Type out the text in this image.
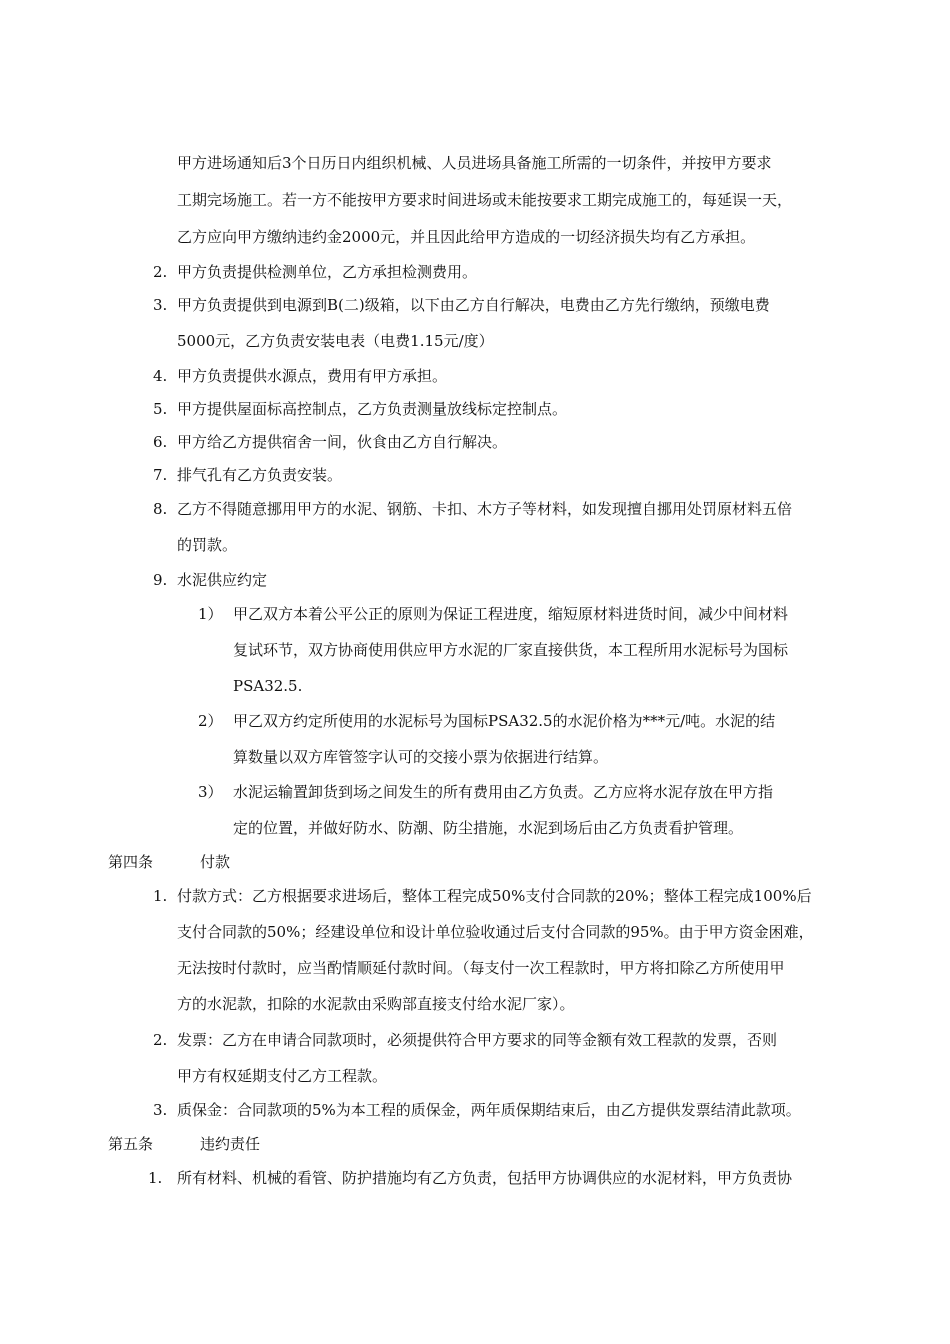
甲方进场通知后3个日历日内组织机械、人员进场具备施工所需的一切条件，并按甲方要求
工期完场施工。若一方不能按甲方要求时间进场或未能按要求工期完成施工的，每延误一天，
乙方应向甲方缴纳违约金2000元，并且因此给甲方造成的一切经济损失均有乙方承担。
2. 甲方负责提供检测单位，乙方承担检测费用。
3. 甲方负责提供到电源到B(二)级箱，以下由乙方自行解决，电费由乙方先行缴纳，预缴电费
5000元，乙方负责安装电表（电费1.15元/度）
4. 甲方负责提供水源点，费用有甲方承担。
5. 甲方提供屋面标高控制点，乙方负责测量放线标定控制点。
6. 甲方给乙方提供宿舍一间，伙食由乙方自行解决。
7. 排气孔有乙方负责安装。
8. 乙方不得随意挪用甲方的水泥、钢筋、卡扣、木方子等材料，如发现擅自挪用处罚原材料五倍
的罚款。
9. 水泥供应约定
1） 甲乙双方本着公平公正的原则为保证工程进度，缩短原材料进货时间，减少中间材料
复试环节，双方协商使用供应甲方水泥的厂家直接供货，本工程所用水泥标号为国标
PSA32.5.
2） 甲乙双方约定所使用的水泥标号为国标PSA32.5的水泥价格为***元/吨。水泥的结
算数量以双方库管签字认可的交接小票为依据进行结算。
3） 水泥运输置卸货到场之间发生的所有费用由乙方负责。乙方应将水泥存放在甲方指
定的位置，并做好防水、防潮、防尘措施，水泥到场后由乙方负责看护管理。
第四条	付款
1. 付款方式：乙方根据要求进场后，整体工程完成50%支付合同款的20%；整体工程完成100%后
支付合同款的50%；经建设单位和设计单位验收通过后支付合同款的95%。由于甲方资金困难，
无法按时付款时，应当酌情顺延付款时间。（每支付一次工程款时，甲方将扣除乙方所使用甲
方的水泥款，扣除的水泥款由采购部直接支付给水泥厂家）。
2. 发票：乙方在申请合同款项时，必须提供符合甲方要求的同等金额有效工程款的发票，否则
甲方有权延期支付乙方工程款。
3. 质保金：合同款项的5%为本工程的质保金，两年质保期结束后，由乙方提供发票结清此款项。
第五条	违约责任
1. 所有材料、机械的看管、防护措施均有乙方负责，包括甲方协调供应的水泥材料，甲方负责协
